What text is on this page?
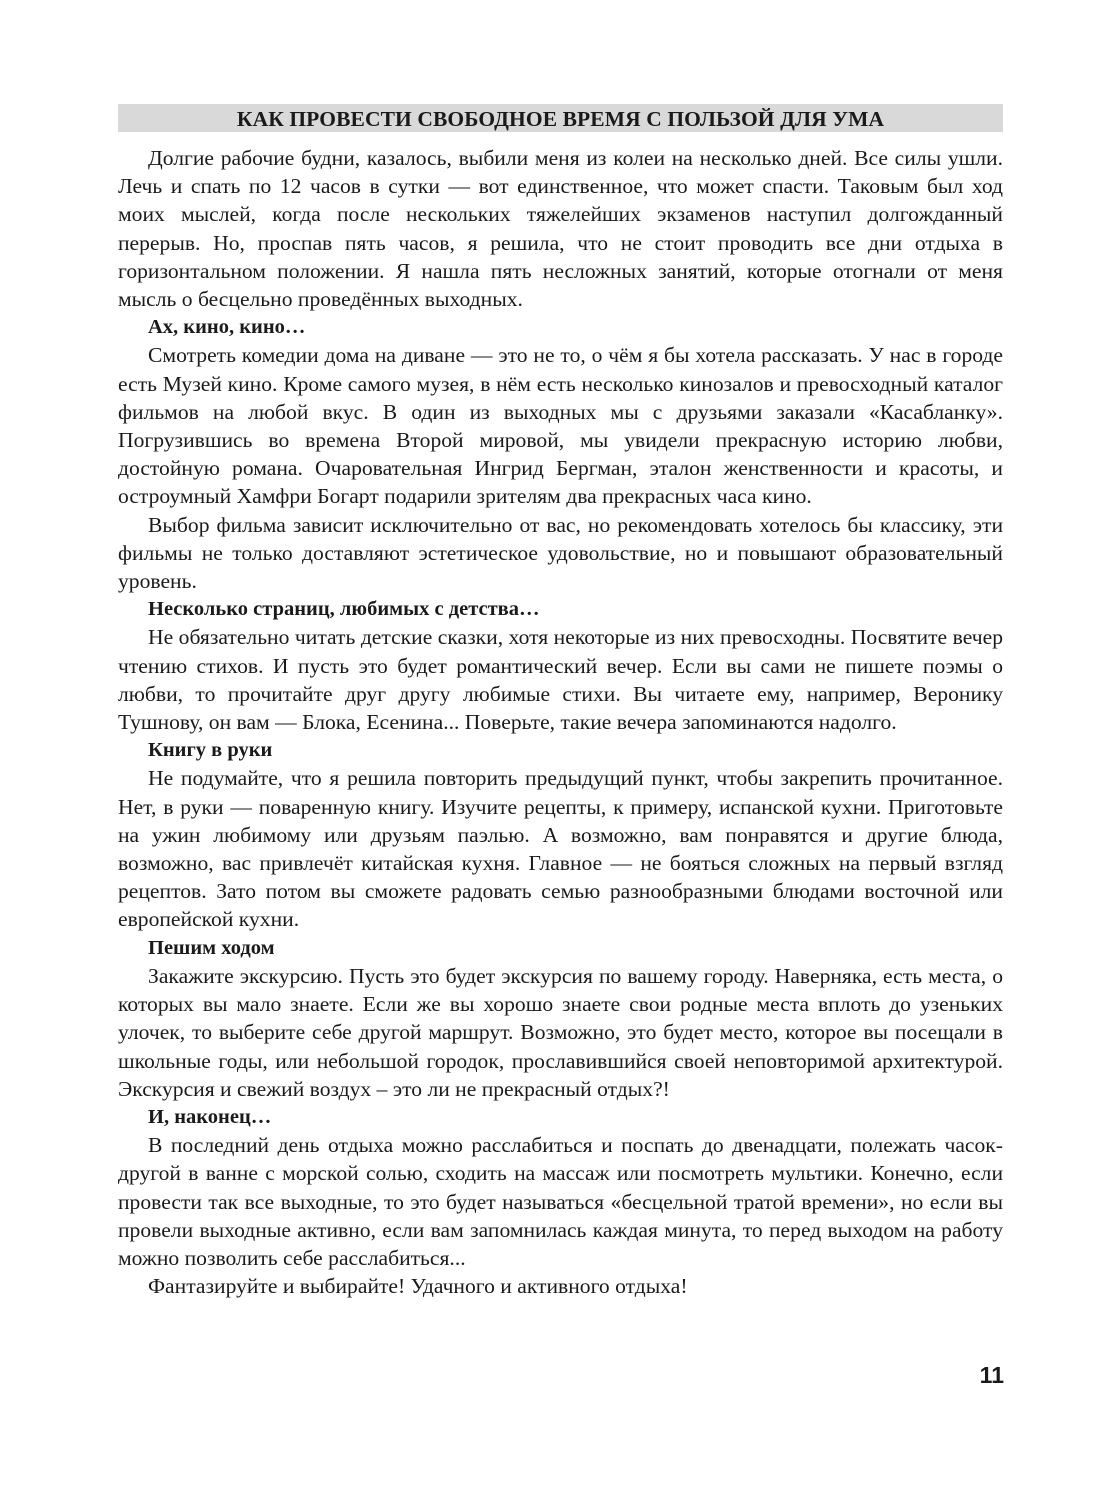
КАК ПРОВЕСТИ СВОБОДНОЕ ВРЕМЯ С ПОЛЬЗОЙ ДЛЯ УМА

Долгие рабочие будни, казалось, выбили меня из колеи на несколько дней. Все силы ушли. Лечь и спать по 12 часов в сутки — вот единственное, что может спасти. Таковым был ход моих мыслей, когда после нескольких тяжелейших экзаменов наступил долгожданный перерыв. Но, проспав пять часов, я решила, что не стоит проводить все дни отдыха в горизонтальном положении. Я нашла пять несложных занятий, которые отогнали от меня мысль о бесцельно проведённых выходных.

Ах, кино, кино…

Смотреть комедии дома на диване — это не то, о чём я бы хотела рассказать. У нас в городе есть Музей кино. Кроме самого музея, в нём есть несколько кинозалов и превосходный каталог фильмов на любой вкус. В один из выходных мы с друзьями заказали «Касабланку». Погрузившись во времена Второй мировой, мы увидели прекрасную историю любви, достойную романа. Очаровательная Ингрид Бергман, эталон женственности и красоты, и остроумный Хамфри Богарт подарили зрителям два прекрасных часа кино.

Выбор фильма зависит исключительно от вас, но рекомендовать хотелось бы классику, эти фильмы не только доставляют эстетическое удовольствие, но и повышают образовательный уровень.

Несколько страниц, любимых с детства…

Не обязательно читать детские сказки, хотя некоторые из них превосходны. Посвятите вечер чтению стихов. И пусть это будет романтический вечер. Если вы сами не пишете поэмы о любви, то прочитайте друг другу любимые стихи. Вы читаете ему, например, Веронику Тушнову, он вам — Блока, Есенина... Поверьте, такие вечера запоминаются надолго.

Книгу в руки

Не подумайте, что я решила повторить предыдущий пункт, чтобы закрепить прочитанное. Нет, в руки — поваренную книгу. Изучите рецепты, к примеру, испанской кухни. Приготовьте на ужин любимому или друзьям паэлью. А возможно, вам понравятся и другие блюда, возможно, вас привлечёт китайская кухня. Главное — не бояться сложных на первый взгляд рецептов. Зато потом вы сможете радовать семью разнообразными блюдами восточной или европейской кухни.

Пешим ходом

Закажите экскурсию. Пусть это будет экскурсия по вашему городу. Наверняка, есть места, о которых вы мало знаете. Если же вы хорошо знаете свои родные места вплоть до узеньких улочек, то выберите себе другой маршрут. Возможно, это будет место, которое вы посещали в школьные годы, или небольшой городок, прославившийся своей неповторимой архитектурой. Экскурсия и свежий воздух – это ли не прекрасный отдых?!

И, наконец…

В последний день отдыха можно расслабиться и поспать до двенадцати, полежать часок-другой в ванне с морской солью, сходить на массаж или посмотреть мультики. Конечно, если провести так все выходные, то это будет называться «бесцельной тратой времени», но если вы провели выходные активно, если вам запомнилась каждая минута, то перед выходом на работу можно позволить себе расслабиться...

Фантазируйте и выбирайте! Удачного и активного отдыха!

11
